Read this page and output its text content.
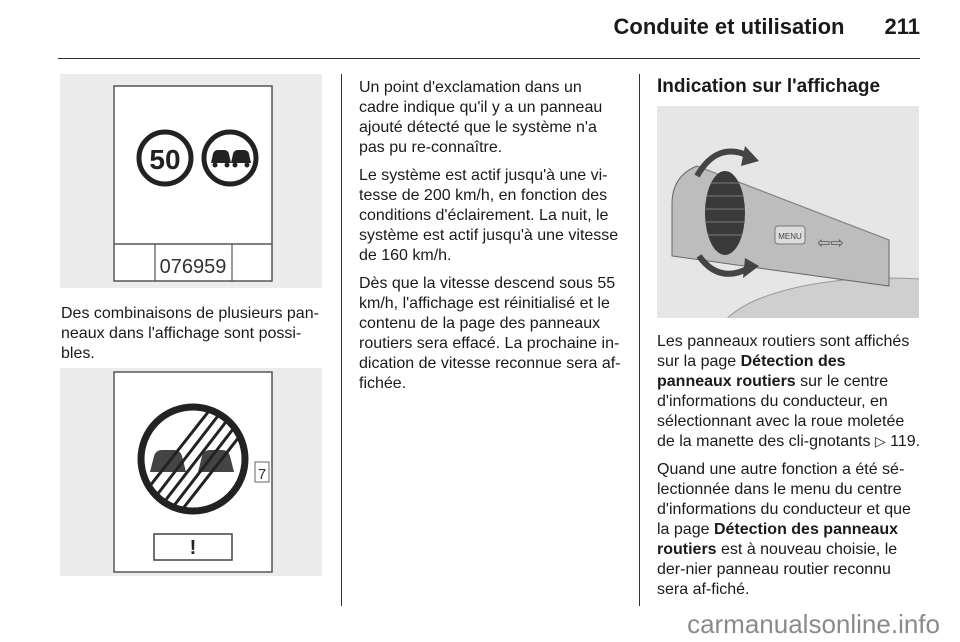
Conduite et utilisation 211
50
076959

Des combinaisons de plusieurs pan-neaux dans l'affichage sont possi-bles.

7
!

Un point d'exclamation dans un cadre indique qu'il y a un panneau ajouté détecté que le système n'a pas pu re-connaître.

Le système est actif jusqu'à une vi-tesse de 200 km/h, en fonction des conditions d'éclairement. La nuit, le système est actif jusqu'à une vitesse de 160 km/h.

Dès que la vitesse descend sous 55 km/h, l'affichage est réinitialisé et le contenu de la page des panneaux routiers sera effacé. La prochaine in-dication de vitesse reconnue sera af-fichée.

Indication sur l'affichage
MENU ⇦⇨

Les panneaux routiers sont affichés sur la page Détection des panneaux routiers sur le centre d'informations du conducteur, en sélectionnant avec la roue moletée de la manette des cli-gnotants ▷ 119.

Quand une autre fonction a été sé-lectionnée dans le menu du centre d'informations du conducteur et que la page Détection des panneaux routiers est à nouveau choisie, le der-nier panneau routier reconnu sera af-fiché.

carmanualsonline.info
